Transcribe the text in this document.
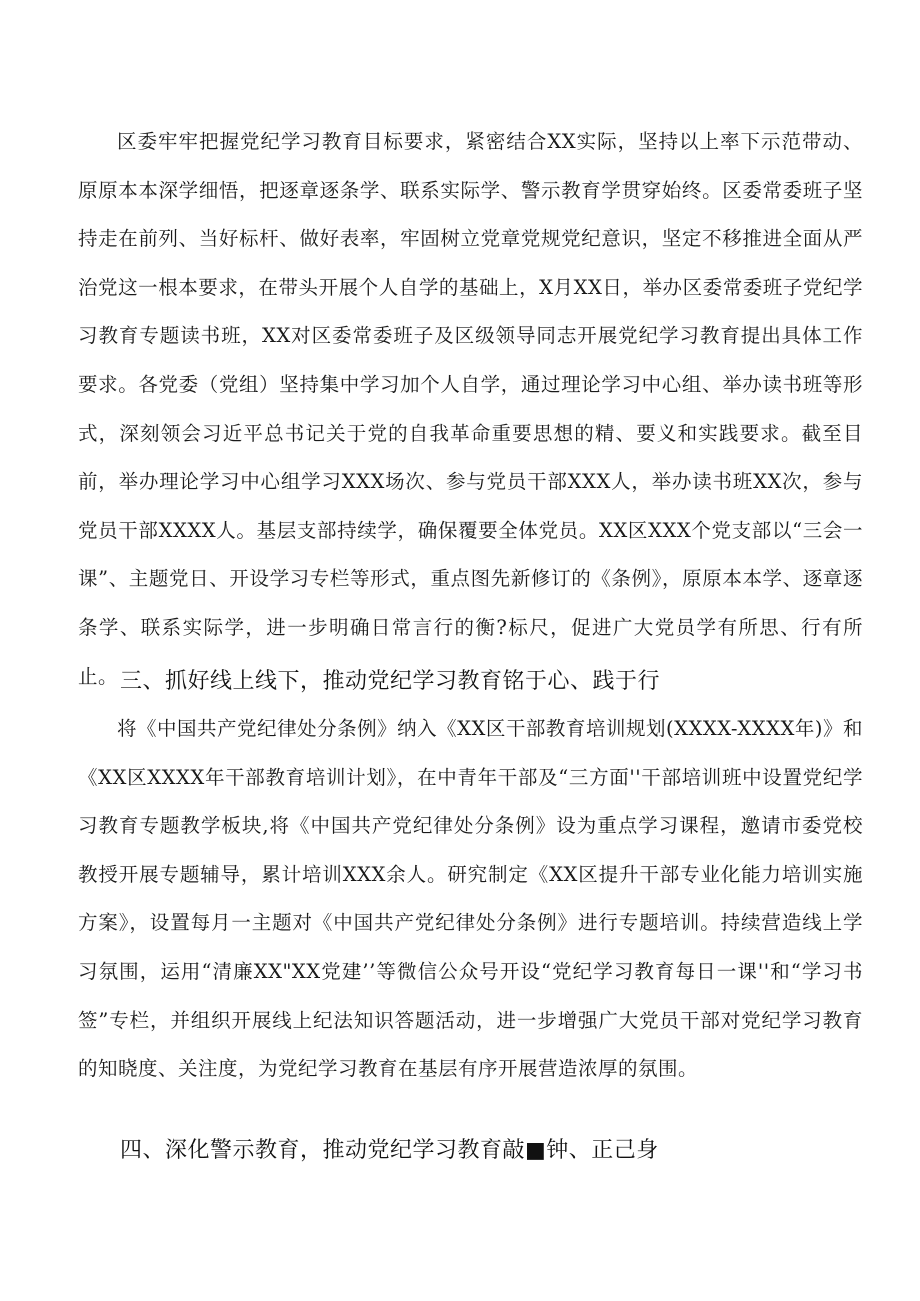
区委牢牢把握党纪学习教育目标要求，紧密结合XX实际，坚持以上率下示范带动、原原本本深学细悟，把逐章逐条学、联系实际学、警示教育学贯穿始终。区委常委班子坚持走在前列、当好标杆、做好表率，牢固树立党章党规党纪意识，坚定不移推进全面从严治党这一根本要求，在带头开展个人自学的基础上，X月XX日，举办区委常委班子党纪学习教育专题读书班，XX对区委常委班子及区级领导同志开展党纪学习教育提出具体工作要求。各党委（党组）坚持集中学习加个人自学，通过理论学习中心组、举办读书班等形式，深刻领会习近平总书记关于党的自我革命重要思想的精、要义和实践要求。截至目前，举办理论学习中心组学习XXX场次、参与党员干部XXX人，举办读书班XX次，参与党员干部XXXX人。基层支部持续学，确保覆要全体党员。XX区XXX个党支部以“三会一课”、主题党日、开设学习专栏等形式，重点图先新修订的《条例》，原原本本学、逐章逐条学、联系实际学，进一步明确日常言行的衡?标尺，促进广大党员学有所思、行有所止。 三、抓好线上线下，推动党纪学习教育铭于心、践于行

将《中国共产党纪律处分条例》纳入《XX区干部教育培训规划(XXXX-XXXX年)》和《XX区XXXX年干部教育培训计划》，在中青年干部及“三方面''干部培训班中设置党纪学习教育专题教学板块,将《中国共产党纪律处分条例》设为重点学习课程，邀请市委党校教授开展专题辅导，累计培训XXX余人。研究制定《XX区提升干部专业化能力培训实施方案》，设置每月一主题对《中国共产党纪律处分条例》进行专题培训。持续营造线上学习氛围，运用“清廉XX"XX党建’’等微信公众号开设“党纪学习教育每日一课''和“学习书签”专栏，并组织开展线上纪法知识答题活动，进一步增强广大党员干部对党纪学习教育的知晓度、关注度，为党纪学习教育在基层有序开展营造浓厚的氛围。

四、深化警示教育，推动党纪学习教育敲■钟、正己身
